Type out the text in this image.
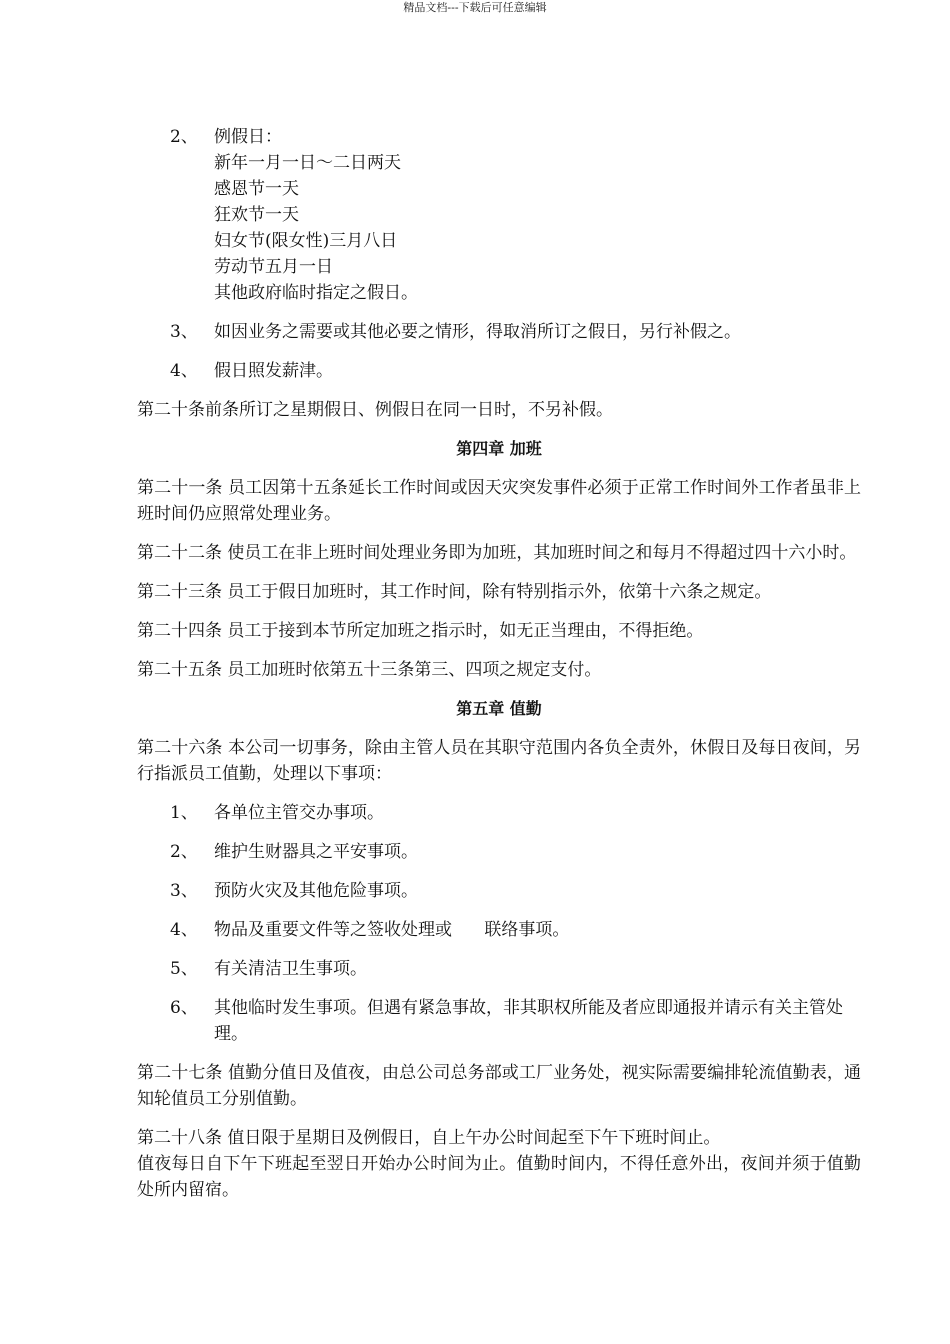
精品文档---下载后可任意编辑
2、 例假日：
新年一月一日～二日两天
感恩节一天
狂欢节一天
妇女节(限女性)三月八日
劳动节五月一日
其他政府临时指定之假日。
3、 如因业务之需要或其他必要之情形，得取消所订之假日，另行补假之。
4、 假日照发薪津。

第二十条前条所订之星期假日、例假日在同一日时，不另补假。

第四章 加班

第二十一条 员工因第十五条延长工作时间或因天灾突发事件必须于正常工作时间外工作者虽非上班时间仍应照常处理业务。

第二十二条 使员工在非上班时间处理业务即为加班，其加班时间之和每月不得超过四十六小时。

第二十三条 员工于假日加班时，其工作时间，除有特别指示外，依第十六条之规定。

第二十四条 员工于接到本节所定加班之指示时，如无正当理由，不得拒绝。

第二十五条 员工加班时依第五十三条第三、四项之规定支付。

第五章 值勤

第二十六条 本公司一切事务，除由主管人员在其职守范围内各负全责外，休假日及每日夜间，另行指派员工值勤，处理以下事项：

1、 各单位主管交办事项。
2、 维护生财器具之平安事项。
3、 预防火灾及其他危险事项。
4、 物品及重要文件等之签收处理或      联络事项。
5、 有关清洁卫生事项。
6、 其他临时发生事项。但遇有紧急事故，非其职权所能及者应即通报并请示有关主管处理。

第二十七条 值勤分值日及值夜，由总公司总务部或工厂业务处，视实际需要编排轮流值勤表，通知轮值员工分别值勤。

第二十八条 值日限于星期日及例假日，自上午办公时间起至下午下班时间止。

值夜每日自下午下班起至翌日开始办公时间为止。值勤时间内，不得任意外出，夜间并须于值勤处所内留宿。
